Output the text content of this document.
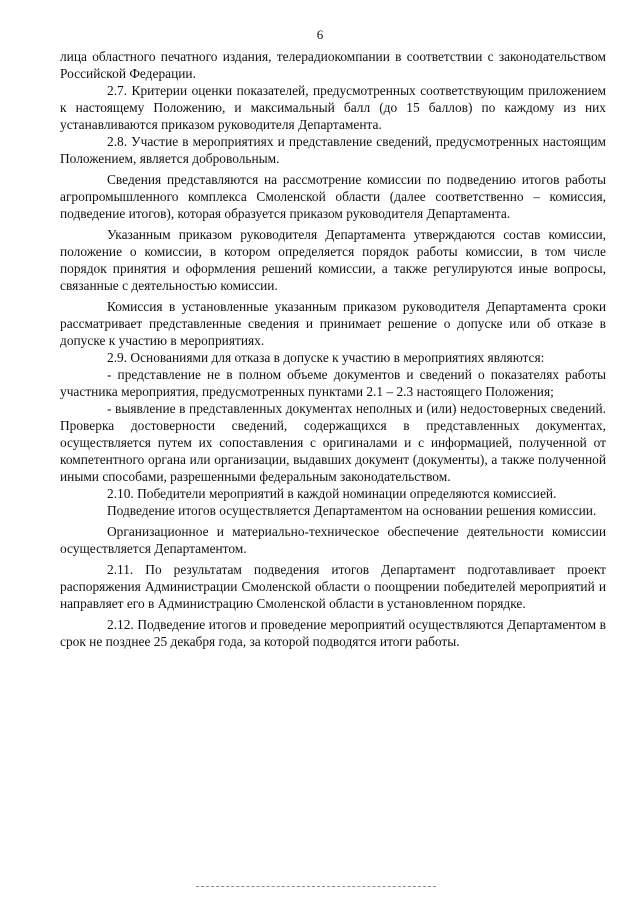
6

лица областного печатного издания, телерадиокомпании в соответствии с законодательством Российской Федерации.

2.7. Критерии оценки показателей, предусмотренных соответствующим приложением к настоящему Положению, и максимальный балл (до 15 баллов) по каждому из них устанавливаются приказом руководителя Департамента.

2.8. Участие в мероприятиях и представление сведений, предусмотренных настоящим Положением, является добровольным.

Сведения представляются на рассмотрение комиссии по подведению итогов работы агропромышленного комплекса Смоленской области (далее соответственно – комиссия, подведение итогов), которая образуется приказом руководителя Департамента.

Указанным приказом руководителя Департамента утверждаются состав комиссии, положение о комиссии, в котором определяется порядок работы комиссии, в том числе порядок принятия и оформления решений комиссии, а также регулируются иные вопросы, связанные с деятельностью комиссии.

Комиссия в установленные указанным приказом руководителя Департамента сроки рассматривает представленные сведения и принимает решение о допуске или об отказе в допуске к участию в мероприятиях.

2.9. Основаниями для отказа в допуске к участию в мероприятиях являются:

- представление не в полном объеме документов и сведений о показателях работы участника мероприятия, предусмотренных пунктами 2.1 – 2.3 настоящего Положения;

- выявление в представленных документах неполных и (или) недостоверных сведений. Проверка достоверности сведений, содержащихся в представленных документах, осуществляется путем их сопоставления с оригиналами и с информацией, полученной от компетентного органа или организации, выдавших документ (документы), а также полученной иными способами, разрешенными федеральным законодательством.

2.10. Победители мероприятий в каждой номинации определяются комиссией.

Подведение итогов осуществляется Департаментом на основании решения комиссии.

Организационное и материально-техническое обеспечение деятельности комиссии осуществляется Департаментом.

2.11. По результатам подведения итогов Департамент подготавливает проект распоряжения Администрации Смоленской области о поощрении победителей мероприятий и направляет его в Администрацию Смоленской области в установленном порядке.

2.12. Подведение итогов и проведение мероприятий осуществляются Департаментом в срок не позднее 25 декабря года, за которой подводятся итоги работы.
